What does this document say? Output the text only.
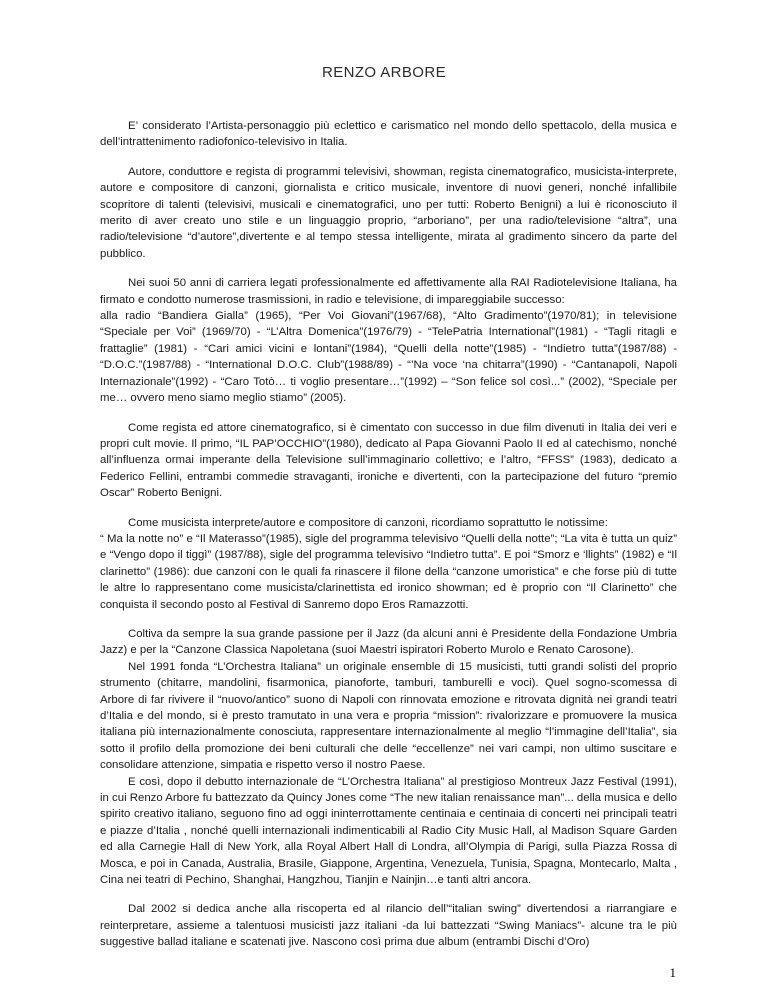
RENZO ARBORE

E’ considerato l’Artista-personaggio più eclettico e carismatico nel mondo dello spettacolo, della musica e dell’intrattenimento radiofonico-televisivo in Italia.

Autore, conduttore e regista di programmi televisivi, showman, regista cinematografico, musicista-interprete, autore e compositore di canzoni, giornalista e critico musicale, inventore di nuovi generi, nonché infallibile scopritore di talenti (televisivi, musicali e cinematografici, uno per tutti: Roberto Benigni) a lui è riconosciuto il merito di aver creato uno stile e un linguaggio proprio, “arboriano”, per una radio/televisione “altra”, una radio/televisione “d’autore”,divertente e al tempo stessa intelligente, mirata al gradimento sincero da parte del pubblico.

Nei suoi 50 anni di carriera legati professionalmente ed affettivamente alla RAI Radiotelevisione Italiana, ha firmato e condotto numerose trasmissioni, in radio e televisione, di impareggiabile successo:

alla radio “Bandiera Gialla” (1965), “Per Voi Giovani”(1967/68), “Alto Gradimento”(1970/81); in televisione “Speciale per Voi” (1969/70) - “L’Altra Domenica”(1976/79) - “TelePatria International”(1981) - “Tagli ritagli e frattaglie” (1981) - “Cari amici vicini e lontani”(1984), “Quelli della notte”(1985) - “Indietro tutta”(1987/88) - “D.O.C.”(1987/88) - “International D.O.C. Club”(1988/89) - “’Na voce ‘na chitarra”(1990) - “Cantanapoli, Napoli Internazionale”(1992) - “Caro Totò… ti voglio presentare…”(1992) – “Son felice sol così...” (2002), “Speciale per me… ovvero meno siamo meglio stiamo” (2005).

Come regista ed attore cinematografico, si è cimentato con successo in due film divenuti in Italia dei veri e propri cult movie. Il primo, “IL PAP’OCCHIO”(1980), dedicato al Papa Giovanni Paolo II ed al catechismo, nonché all’influenza ormai imperante della Televisione sull’immaginario collettivo; e l’altro, “FFSS” (1983), dedicato a Federico Fellini, entrambi commedie stravaganti, ironiche e divertenti, con la partecipazione del futuro “premio Oscar” Roberto Benigni.

Come musicista interprete/autore e compositore di canzoni, ricordiamo soprattutto le notissime:

“ Ma la notte no” e “Il Materasso”(1985), sigle del programma televisivo “Quelli della notte”; “La vita è tutta un quiz” e “Vengo dopo il tiggì” (1987/88), sigle del programma televisivo “Indietro tutta”. E poi “Smorz e ‘llights” (1982) e “Il clarinetto” (1986): due canzoni con le quali fa rinascere il filone della “canzone umoristica” e che forse più di tutte le altre lo rappresentano come musicista/clarinettista ed ironico showman; ed è proprio con “Il Clarinetto” che conquista il secondo posto al Festival di Sanremo dopo Eros Ramazzotti.

Coltiva da sempre la sua grande passione per il Jazz (da alcuni anni è Presidente della Fondazione Umbria Jazz) e per la “Canzone Classica Napoletana (suoi Maestri ispiratori Roberto Murolo e Renato Carosone).

Nel 1991 fonda “L’Orchestra Italiana” un originale ensemble di 15 musicisti, tutti grandi solisti del proprio strumento (chitarre, mandolini, fisarmonica, pianoforte, tamburi, tamburelli e voci). Quel sogno-scomessa di Arbore di far rivivere il “nuovo/antico” suono di Napoli con rinnovata emozione e ritrovata dignità nei grandi teatri d’Italia e del mondo, si è presto tramutato in una vera e propria “mission”: rivalorizzare e promuovere la musica italiana più internazionalmente conosciuta, rappresentare internazionalmente al meglio “l’immagine dell’Italia”, sia sotto il profilo della promozione dei beni culturali che delle “eccellenze” nei vari campi, non ultimo suscitare e consolidare attenzione, simpatia e rispetto verso il nostro Paese.

E così, dopo il debutto internazionale de “L’Orchestra Italiana” al prestigioso Montreux Jazz Festival (1991), in cui Renzo Arbore fu battezzato da Quincy Jones come “The new italian renaissance man”... della musica e dello spirito creativo italiano, seguono fino ad oggi ininterrottamente centinaia e centinaia di concerti nei principali teatri e piazze d’Italia , nonché quelli internazionali indimenticabili al Radio City Music Hall, al Madison Square Garden ed alla Carnegie Hall di New York, alla Royal Albert Hall di Londra, all’Olympia di Parigi, sulla Piazza Rossa di Mosca, e poi in Canada, Australia, Brasile, Giappone, Argentina, Venezuela, Tunisia, Spagna, Montecarlo, Malta , Cina nei teatri di Pechino, Shanghai, Hangzhou, Tianjin e Nainjin…e tanti altri ancora.

Dal 2002 si dedica anche alla riscoperta ed al rilancio dell’“italian swing” divertendosi a riarrangiare e reinterpretare, assieme a talentuosi musicisti jazz italiani -da lui battezzati “Swing Maniacs”- alcune tra le più suggestive ballad italiane e scatenati jive. Nascono così prima due album (entrambi Dischi d’Oro)

1
